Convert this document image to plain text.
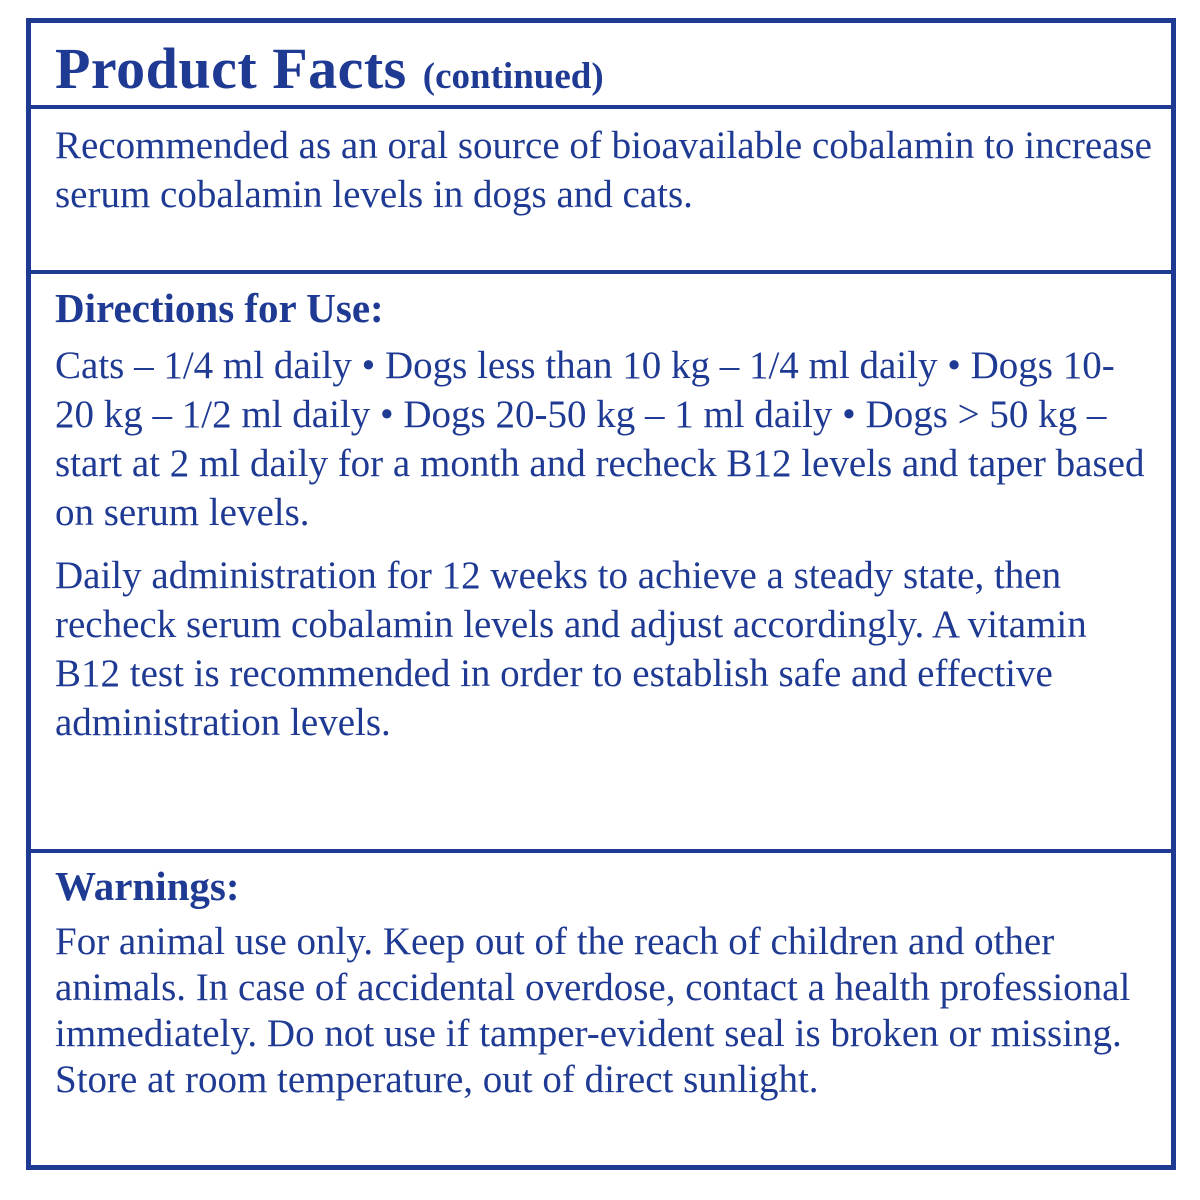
Product Facts (continued)

Recommended as an oral source of bioavailable cobalamin to increase serum cobalamin levels in dogs and cats.

Directions for Use:

Cats – 1/4 ml daily • Dogs less than 10 kg – 1/4 ml daily • Dogs 10-20 kg – 1/2 ml daily • Dogs 20-50 kg – 1 ml daily • Dogs > 50 kg – start at 2 ml daily for a month and recheck B12 levels and taper based on serum levels.

Daily administration for 12 weeks to achieve a steady state, then recheck serum cobalamin levels and adjust accordingly. A vitamin B12 test is recommended in order to establish safe and effective administration levels.

Warnings:

For animal use only. Keep out of the reach of children and other animals. In case of accidental overdose, contact a health professional immediately. Do not use if tamper-evident seal is broken or missing. Store at room temperature, out of direct sunlight.
